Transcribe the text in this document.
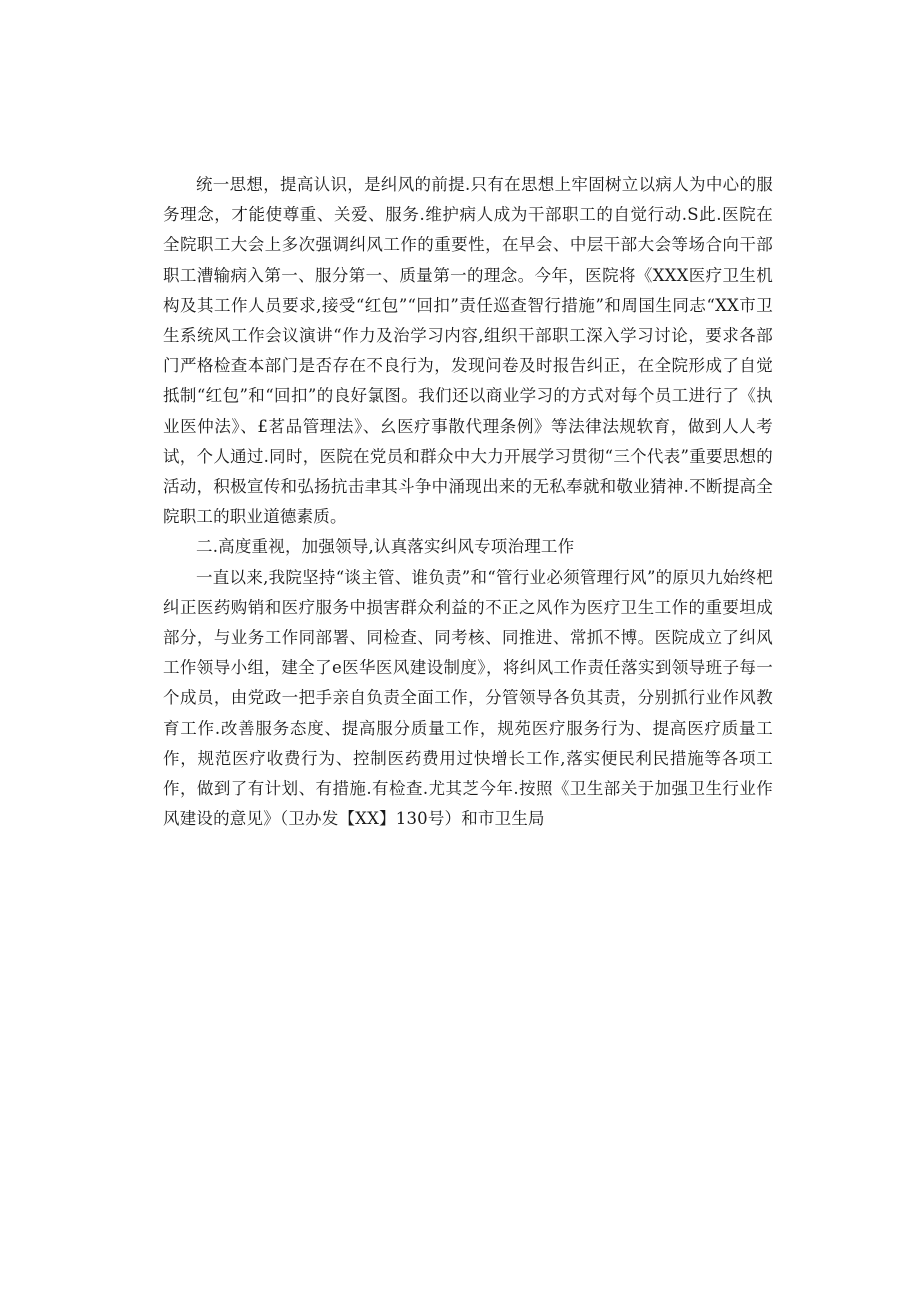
统一思想，提高认识，是纠风的前提.只有在思想上牢固树立以病人为中心的服务理念，才能使尊重、关爱、服务.维护病人成为干部职工的自觉行动.S此.医院在全院职工大会上多次强调纠风工作的重要性，在早会、中层干部大会等场合向干部职工漕输病入第一、服分第一、质量第一的理念。今年，医院将《XXX医疗卫生机构及其工作人员要求,接受“红包”“回扣”责任巡查智行措施”和周国生同志“XX市卫生系统风工作会议演讲“作力及治学习内容,组织干部职工深入学习讨论，要求各部门严格检查本部门是否存在不良行为，发现问卷及时报告纠正，在全院形成了自觉抵制“红包”和“回扣”的良好氯图。我们还以商业学习的方式对每个员工进行了《执业医仲法》、£茗品管理法》、幺医疗事散代理条例》等法律法规软育，做到人人考试，个人通过.同时，医院在党员和群众中大力开展学习贯彻“三个代表”重要思想的活动，积极宣传和弘扬抗击聿其斗争中涌现出来的无私奉就和敬业猜神.不断提高全院职工的职业道德素质。

二.高度重视，加强领导,认真落实纠风专项治理工作

一直以来,我院坚持“谈主管、谁负责”和“管行业必须管理行风”的原贝九始终杷纠正医药购销和医疗服务中损害群众利益的不正之风作为医疗卫生工作的重要坦成部分，与业务工作同部署、同检查、同考核、同推进、常抓不博。医院成立了纠风工作领导小组，建全了e医华医风建设制度》，将纠风工作责任落实到领导班子每一个成员，由党政一把手亲自负责全面工作，分管领导各负其责，分别抓行业作风教育工作.改善服务态度、提高服分质量工作，规苑医疗服务行为、提高医疗质量工作，规范医疗收费行为、控制医药费用过快增长工作,落实便民利民措施等各项工作，做到了有计划、有措施.有检查.尤其芝今年.按照《卫生部关于加强卫生行业作风建设的意见》（卫办发【XX】130号）和市卫生局
